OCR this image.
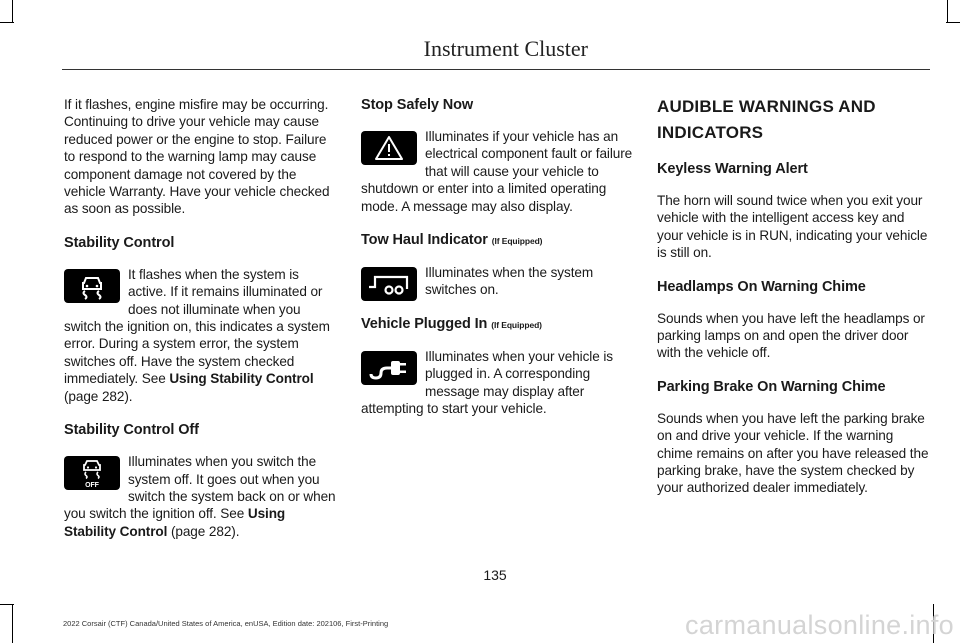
Instrument Cluster

If it flashes, engine misfire may be occurring. Continuing to drive your vehicle may cause reduced power or the engine to stop. Failure to respond to the warning lamp may cause component damage not covered by the vehicle Warranty. Have your vehicle checked as soon as possible.

Stability Control

It flashes when the system is active. If it remains illuminated or does not illuminate when you switch the ignition on, this indicates a system error. During a system error, the system switches off. Have the system checked immediately. See Using Stability Control (page 282).

Stability Control Off
OFF

Illuminates when you switch the system off. It goes out when you switch the system back on or when you switch the ignition off. See Using Stability Control (page 282).

Stop Safely Now

Illuminates if your vehicle has an electrical component fault or failure that will cause your vehicle to shutdown or enter into a limited operating mode. A message may also display.

Tow Haul Indicator (If Equipped)

Illuminates when the system switches on.

Vehicle Plugged In (If Equipped)

Illuminates when your vehicle is plugged in. A corresponding message may display after attempting to start your vehicle.

AUDIBLE WARNINGS AND INDICATORS
Keyless Warning Alert

The horn will sound twice when you exit your vehicle with the intelligent access key and your vehicle is in RUN, indicating your vehicle is still on.

Headlamps On Warning Chime

Sounds when you have left the headlamps or parking lamps on and open the driver door with the vehicle off.

Parking Brake On Warning Chime

Sounds when you have left the parking brake on and drive your vehicle. If the warning chime remains on after you have released the parking brake, have the system checked by your authorized dealer immediately.

135
2022 Corsair (CTF) Canada/United States of America, enUSA, Edition date: 202106, First-Printing	carmanualsonline.info
